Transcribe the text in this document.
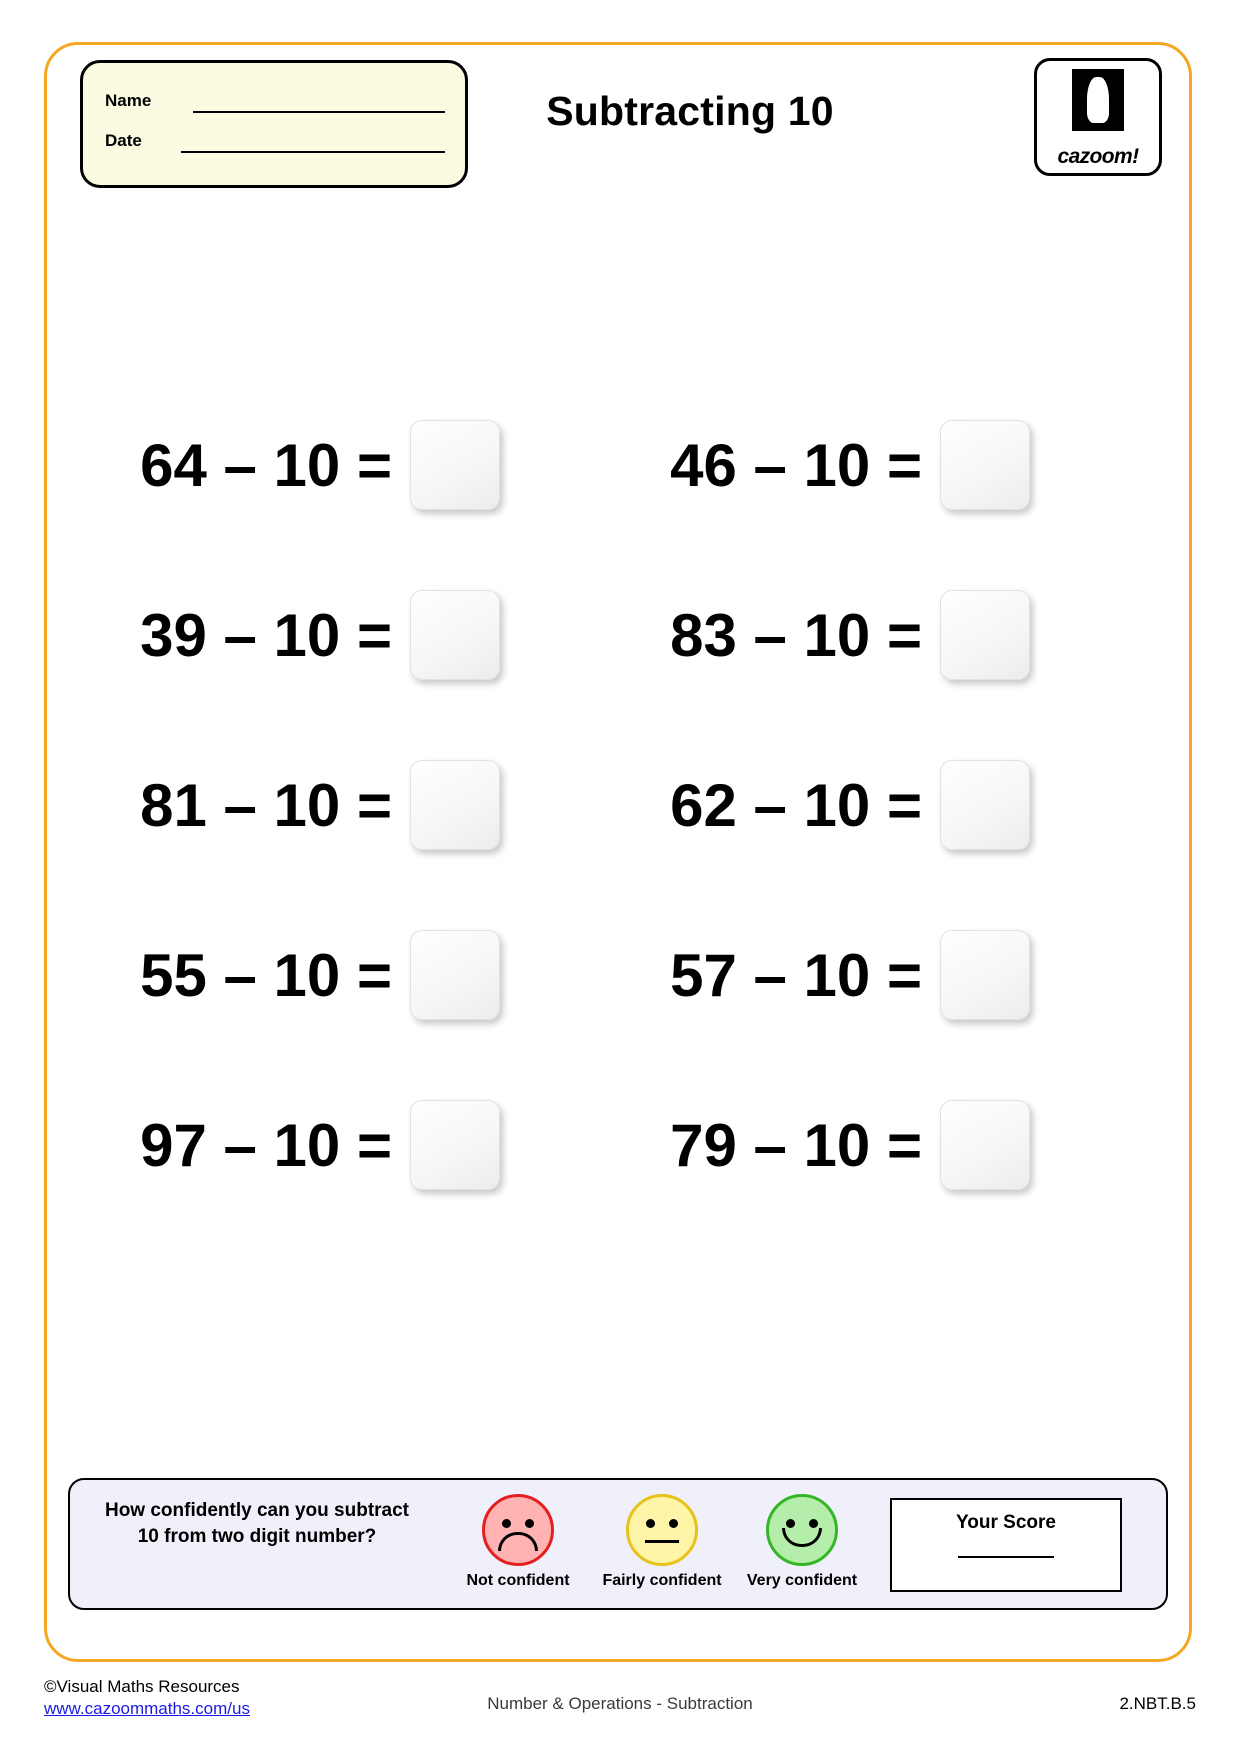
Name
Date
Subtracting 10
cazoom!
64 – 10 =	46 – 10 =
39 – 10 =	83 – 10 =
81 – 10 =	62 – 10 =
55 – 10 =	57 – 10 =
97 – 10 =	79 – 10 =
How confidently can you subtract 10 from two digit number?
Not confident	Fairly confident	Very confident
Your Score
©Visual Maths Resources
www.cazoommaths.com/us	Number & Operations - Subtraction	2.NBT.B.5
